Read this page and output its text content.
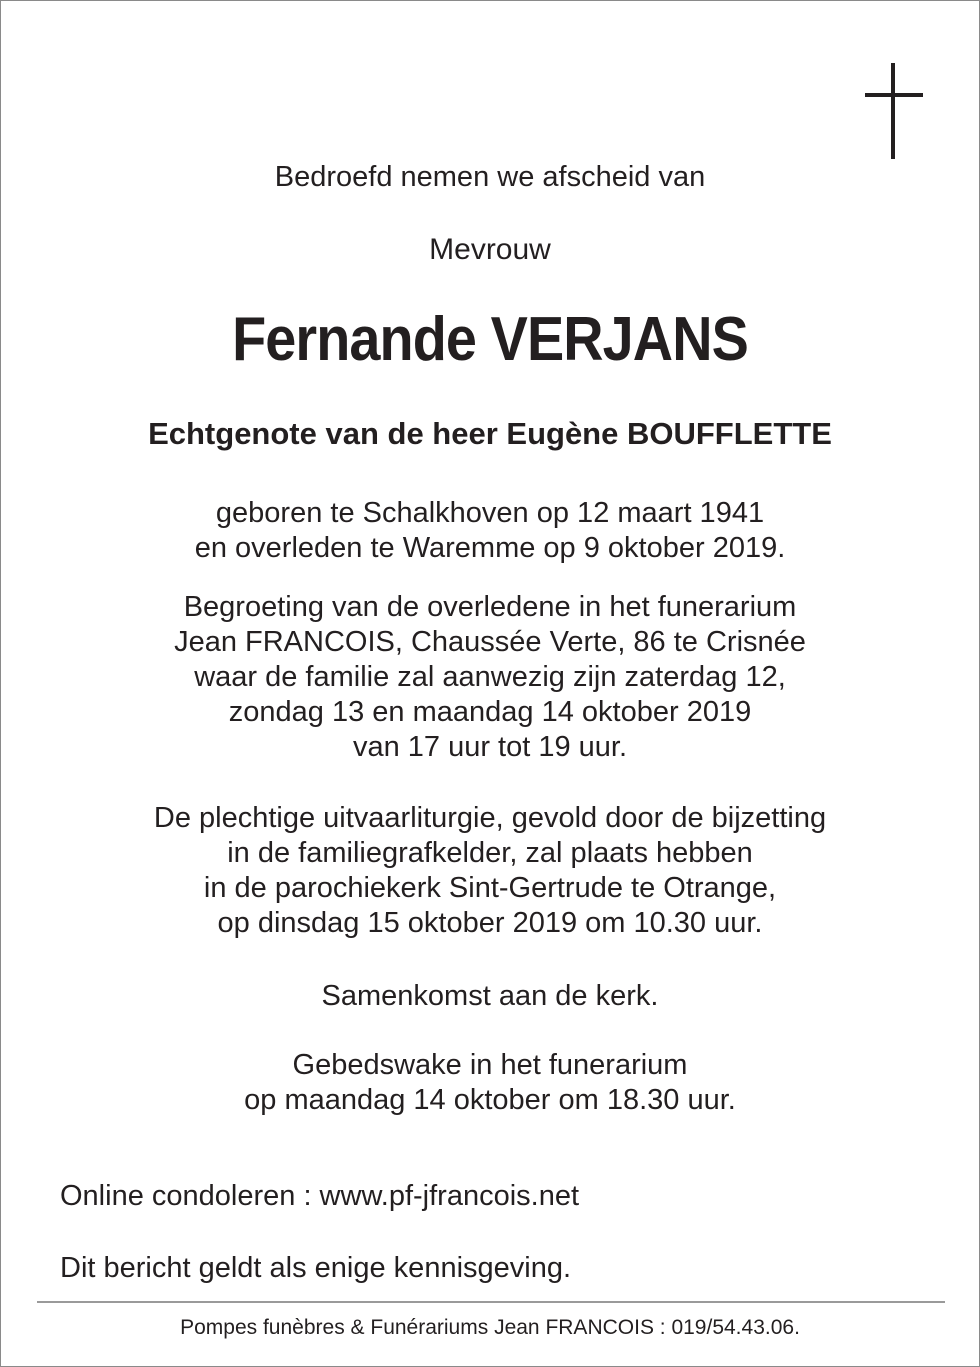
Bedroefd nemen we afscheid van
Mevrouw
Fernande VERJANS
Echtgenote van de heer Eugène BOUFFLETTE
geboren te Schalkhoven op 12 maart 1941
en overleden te Waremme op 9 oktober 2019.
Begroeting van de overledene in het funerarium
Jean FRANCOIS, Chaussée Verte, 86 te Crisnée
waar de familie zal aanwezig zijn zaterdag 12,
zondag 13 en maandag 14 oktober 2019
van 17 uur tot 19 uur.
De plechtige uitvaarliturgie, gevold door de bijzetting
in de familiegrafkelder, zal plaats hebben
in de parochiekerk Sint-Gertrude te Otrange,
op dinsdag 15 oktober 2019 om 10.30 uur.
Samenkomst aan de kerk.
Gebedswake in het funerarium
op maandag 14 oktober om 18.30 uur.
Online condoleren : www.pf-jfrancois.net
Dit bericht geldt als enige kennisgeving.
Pompes funèbres & Funérariums Jean FRANCOIS : 019/54.43.06.
